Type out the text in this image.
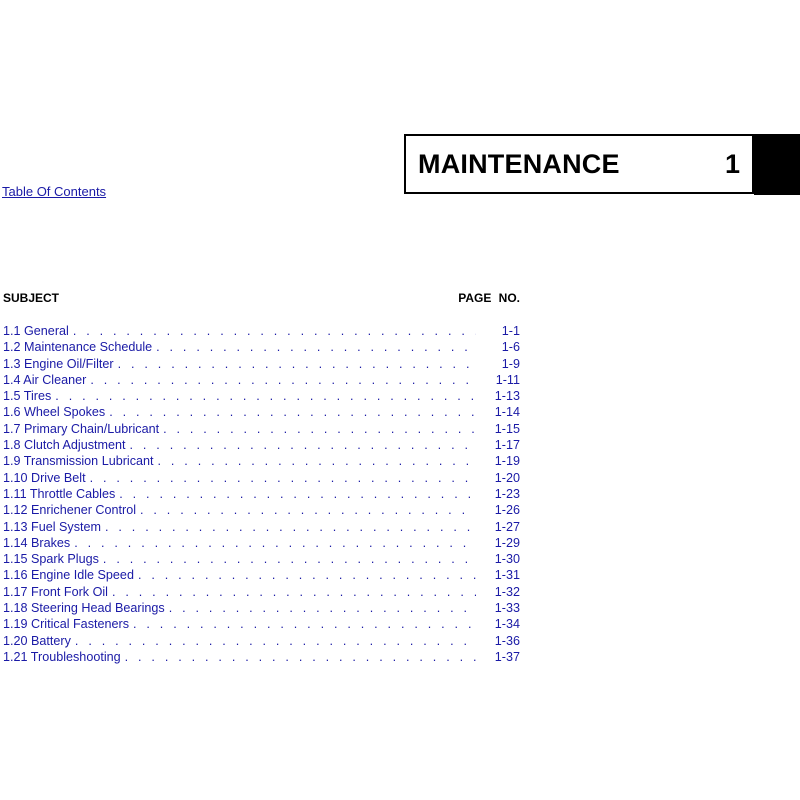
MAINTENANCE	1
Table Of Contents
SUBJECT	PAGE NO.
1.1 General . . .	1-1
1.2 Maintenance Schedule . . .	1-6
1.3 Engine Oil/Filter . . .	1-9
1.4 Air Cleaner . . .	1-11
1.5 Tires . . .	1-13
1.6 Wheel Spokes . . .	1-14
1.7 Primary Chain/Lubricant . . .	1-15
1.8 Clutch Adjustment . . .	1-17
1.9 Transmission Lubricant . . .	1-19
1.10 Drive Belt . . .	1-20
1.11 Throttle Cables . . .	1-23
1.12 Enrichener Control . . .	1-26
1.13 Fuel System . . .	1-27
1.14 Brakes . . .	1-29
1.15 Spark Plugs . . .	1-30
1.16 Engine Idle Speed . . .	1-31
1.17 Front Fork Oil . . .	1-32
1.18 Steering Head Bearings . . .	1-33
1.19 Critical Fasteners . . .	1-34
1.20 Battery . . .	1-36
1.21 Troubleshooting . . .	1-37
